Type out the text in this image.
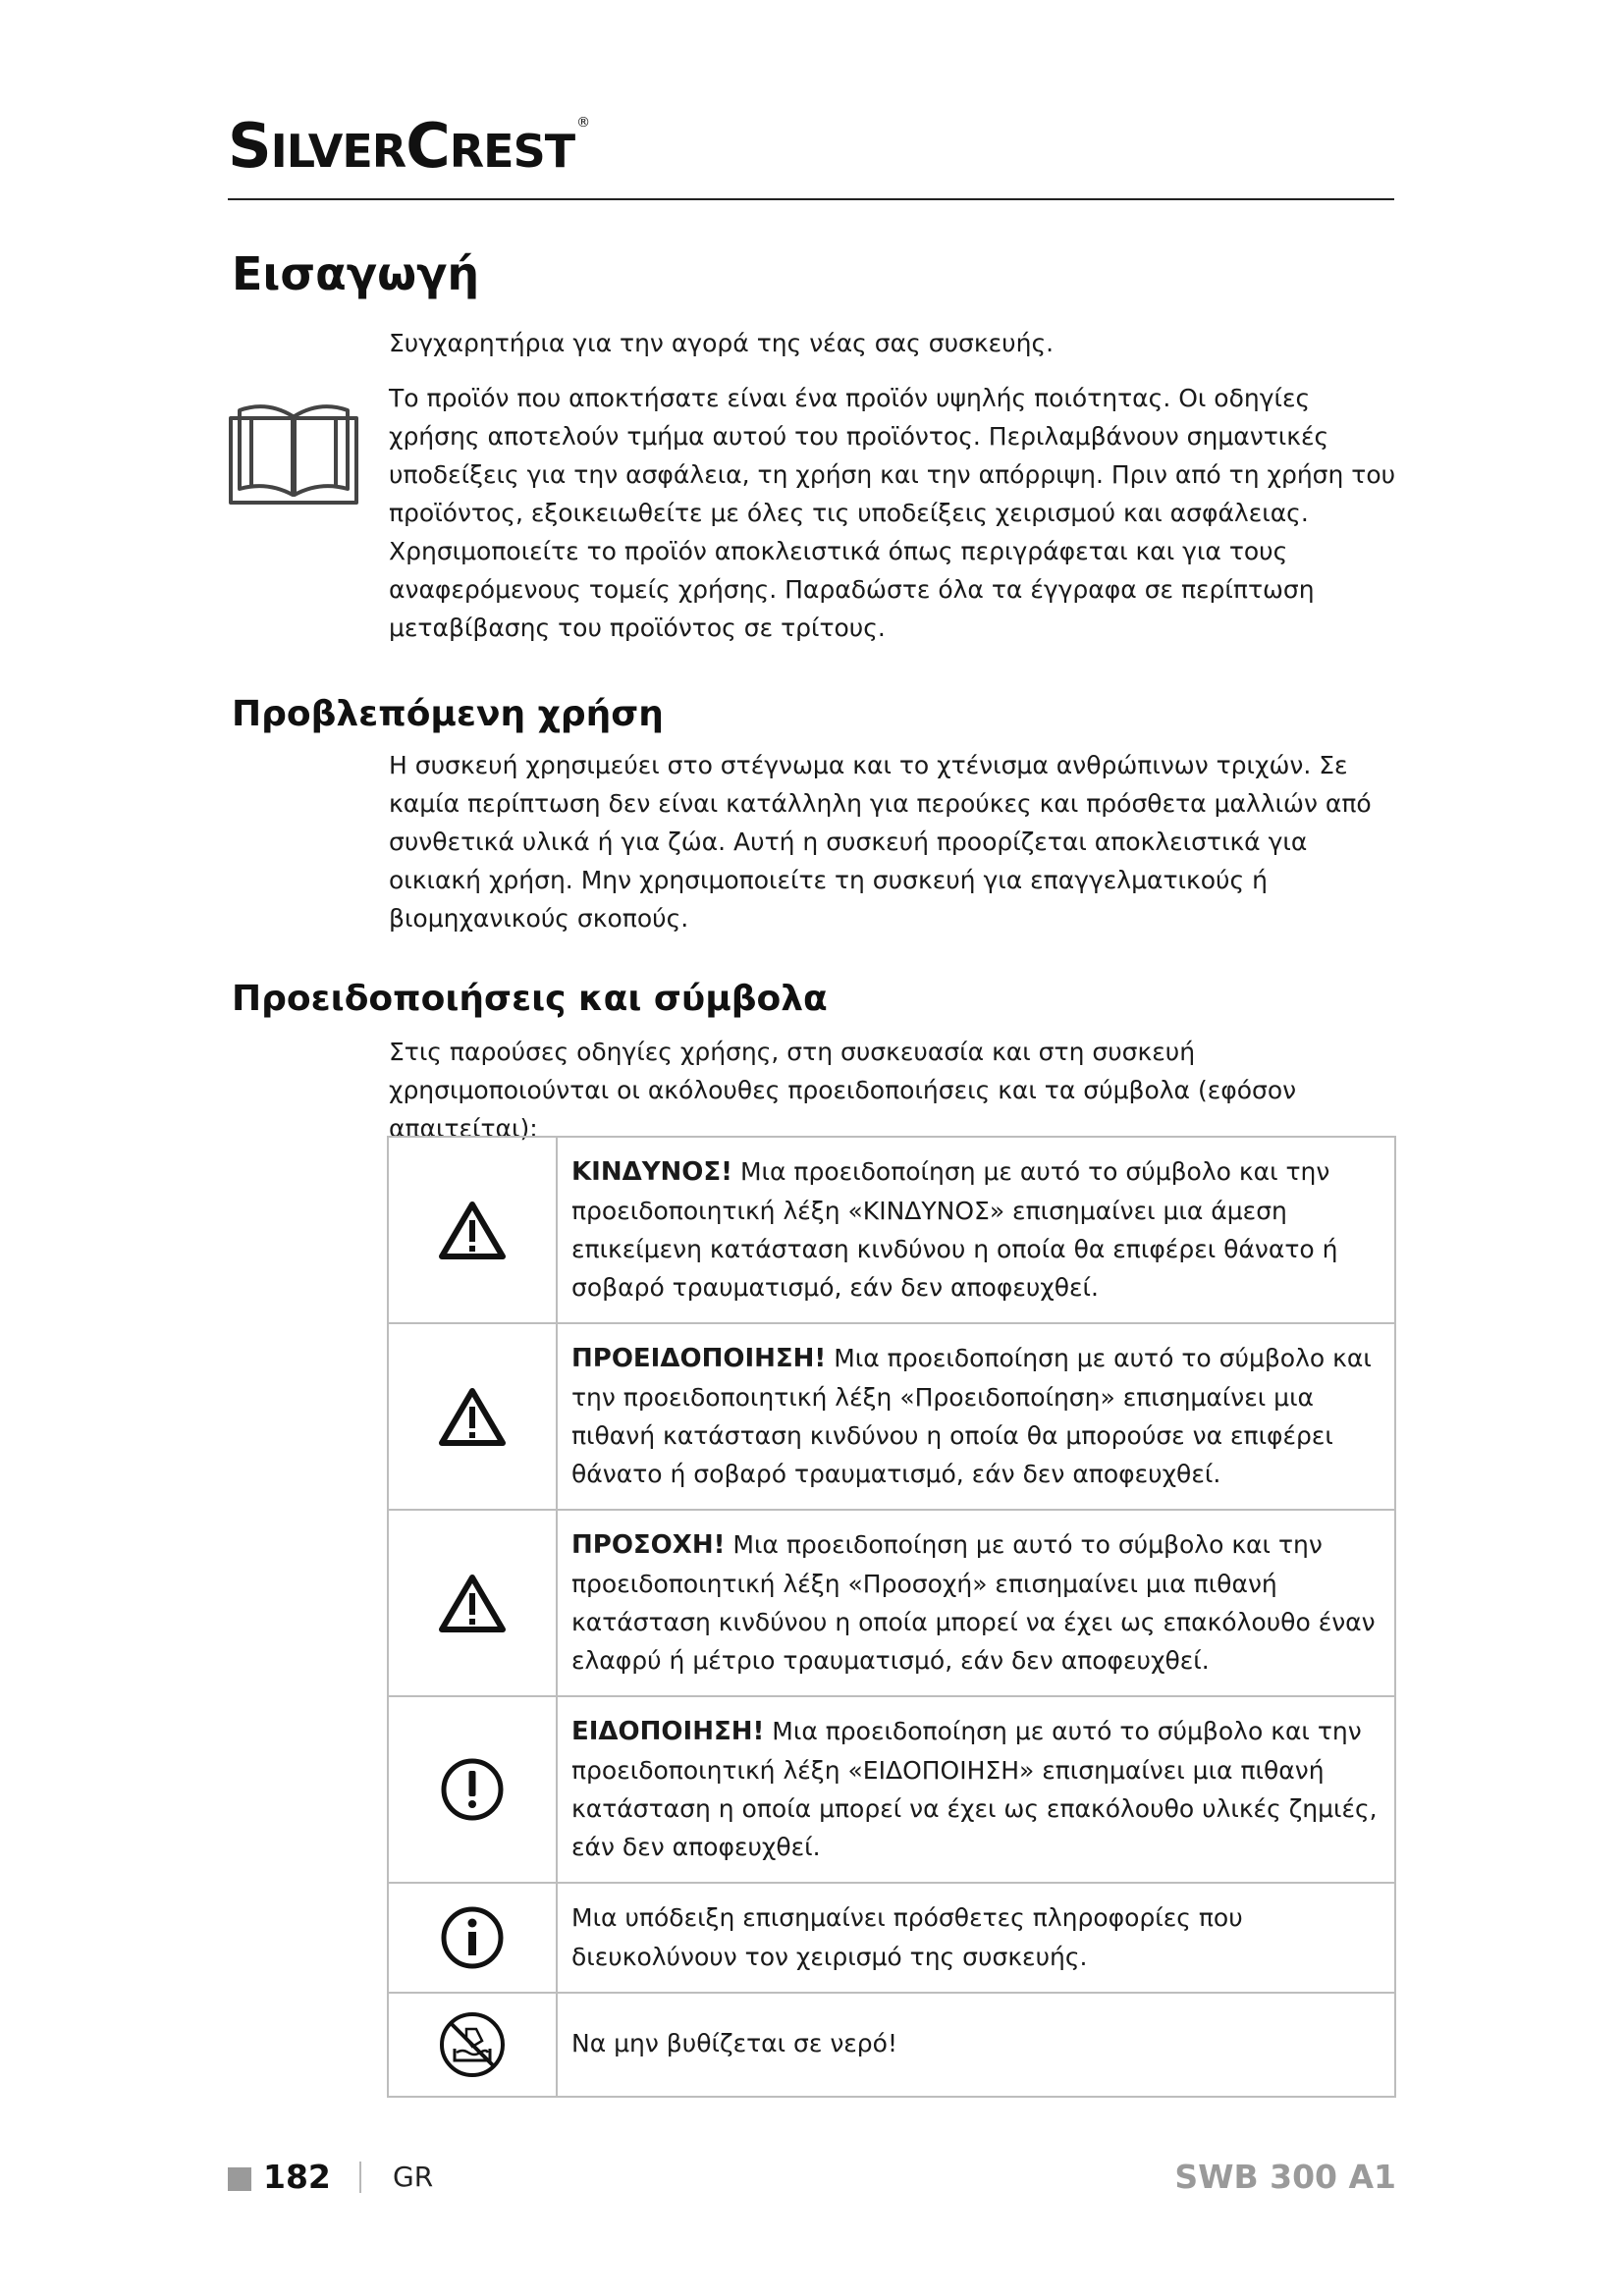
SILVERCREST®
Εισαγωγή

Συγχαρητήρια για την αγορά της νέας σας συσκευής.

Το προϊόν που αποκτήσατε είναι ένα προϊόν υψηλής ποιότητας. Οι οδηγίες χρήσης αποτελούν τμήμα αυτού του προϊόντος. Περιλαμβάνουν σημαντικές υποδείξεις για την ασφάλεια, τη χρήση και την απόρριψη. Πριν από τη χρήση του προϊόντος, εξοικειωθείτε με όλες τις υποδείξεις χειρισμού και ασφάλειας. Χρησιμοποιείτε το προϊόν αποκλειστικά όπως περιγράφεται και για τους αναφερόμενους τομείς χρήσης. Παραδώστε όλα τα έγγραφα σε περίπτωση μεταβίβασης του προϊόντος σε τρίτους.

Προβλεπόμενη χρήση

Η συσκευή χρησιμεύει στο στέγνωμα και το χτένισμα ανθρώπινων τριχών. Σε καμία περίπτωση δεν είναι κατάλληλη για περούκες και πρόσθετα μαλλιών από συνθετικά υλικά ή για ζώα. Αυτή η συσκευή προορίζεται αποκλειστικά για οικιακή χρήση. Μην χρησιμοποιείτε τη συσκευή για επαγγελματικούς ή βιομηχανικούς σκοπούς.

Προειδοποιήσεις και σύμβολα

Στις παρούσες οδηγίες χρήσης, στη συσκευασία και στη συσκευή χρησιμοποιούνται οι ακόλουθες προειδοποιήσεις και τα σύμβολα (εφόσον απαιτείται):

	ΚΙΝΔΥΝΟΣ! Μια προειδοποίηση με αυτό το σύμβολο και την προειδοποιητική λέξη «ΚΙΝΔΥΝΟΣ» επισημαίνει μια άμεση επικείμενη κατάσταση κινδύνου η οποία θα επιφέρει θάνατο ή σοβαρό τραυματισμό, εάν δεν αποφευχθεί.

	ΠΡΟΕΙΔΟΠΟΙΗΣΗ! Μια προειδοποίηση με αυτό το σύμβολο και την προειδοποιητική λέξη «Προειδοποίηση» επισημαίνει μια πιθανή κατάσταση κινδύνου η οποία θα μπορούσε να επιφέρει θάνατο ή σοβαρό τραυματισμό, εάν δεν αποφευχθεί.

	ΠΡΟΣΟΧΗ! Μια προειδοποίηση με αυτό το σύμβολο και την προειδοποιητική λέξη «Προσοχή» επισημαίνει μια πιθανή κατάσταση κινδύνου η οποία μπορεί να έχει ως επακόλουθο έναν ελαφρύ ή μέτριο τραυματισμό, εάν δεν αποφευχθεί.

	ΕΙΔΟΠΟΙΗΣΗ! Μια προειδοποίηση με αυτό το σύμβολο και την προειδοποιητική λέξη «ΕΙΔΟΠΟΙΗΣΗ» επισημαίνει μια πιθανή κατάσταση η οποία μπορεί να έχει ως επακόλουθο υλικές ζημιές, εάν δεν αποφευχθεί.

	Μια υπόδειξη επισημαίνει πρόσθετες πληροφορίες που διευκολύνουν τον χειρισμό της συσκευής.

	Να μην βυθίζεται σε νερό!
182 GR	SWB 300 A1
